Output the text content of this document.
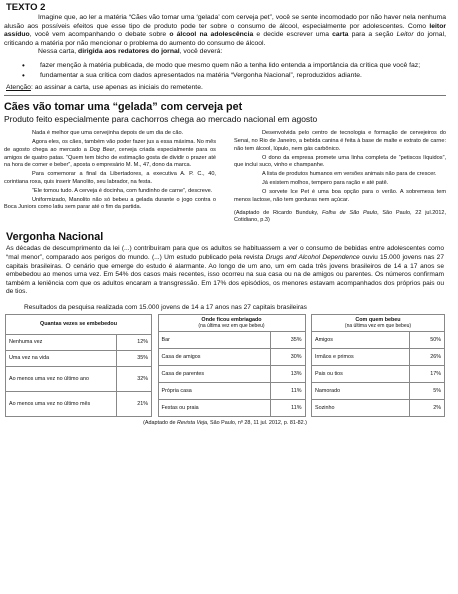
TEXTO 2

Imagine que, ao ler a matéria “Cães vão tomar uma ‘gelada’ com cerveja pet”, você se sente incomodado por não haver nela nenhuma alusão aos possíveis efeitos que esse tipo de produto pode ter sobre o consumo de álcool, especialmente por adolescentes. Como leitor assíduo, você vem acompanhando o debate sobre o álcool na adolescência e decide escrever uma carta para a seção Leitor do jornal, criticando a matéria por não mencionar o problema do aumento do consumo de álcool.

Nessa carta, dirigida aos redatores do jornal, você deverá:

• fazer menção à matéria publicada, de modo que mesmo quem não a tenha lido entenda a importância da crítica que você faz;
• fundamentar a sua crítica com dados apresentados na matéria “Vergonha Nacional”, reproduzidos adiante.

Atenção: ao assinar a carta, use apenas as iniciais do remetente.

Cães vão tomar uma “gelada” com cerveja pet
Produto feito especialmente para cachorros chega ao mercado nacional em agosto

Nada é melhor que uma cervejinha depois de um dia de cão.

Agora eles, os cães, também vão poder fazer jus a essa máxima. No mês de agosto chega ao mercado a Dog Beer, cerveja criada especialmente para os amigos de quatro patas. “Quem tem bicho de estimação gosta de dividir o prazer até na hora de comer e beber”, aposta o empresário M. M., 47, dono da marca.

Para comemorar a final da Libertadores, a executiva A. P. C., 40, corintiana roxa, quis inserir Manolito, seu labrador, na festa.

“Ele tomou tudo. A cerveja é docinha, com fundinho de carne”, descreve.

Uniformizado, Manolito não só bebeu a gelada durante o jogo contra o Boca Juniors como latiu sem parar até o fim da partida.

Desenvolvida pelo centro de tecnologia e formação de cervejeiros do Senai, no Rio de Janeiro, a bebida canina é feita à base de malte e extrato de carne: não tem álcool, lúpulo, nem gás carbônico.

O dono da empresa promete uma linha completa de “petiscos líquidos”, que inclui suco, vinho e champanhe.

A lista de produtos humanos em versões animais não para de crescer.

Já existem molhos, tempero para ração e até patê.

O sorvete Ice Pet é uma boa opção para o verão. A sobremesa tem menos lactose, não tem gorduras nem açúcar.

(Adaptado de Ricardo Bunduky, Folha de São Paulo, São Paulo, 22 jul.2012, Cotidiano, p.3)

Vergonha Nacional

As décadas de descumprimento da lei (...) contribuíram para que os adultos se habituassem a ver o consumo de bebidas entre adolescentes como “mal menor”, comparado aos perigos do mundo. (...) Um estudo publicado pela revista Drugs and Alcohol Dependence ouviu 15.000 jovens nas 27 capitais brasileiras. O cenário que emerge do estudo é alarmante. Ao longo de um ano, um em cada três jovens brasileiros de 14 a 17 anos se embebedou ao menos uma vez. Em 54% dos casos mais recentes, isso ocorreu na sua casa ou na de amigos ou parentes. Os números confirmam também a leniência com que os adultos encaram a transgressão. Em 17% dos episódios, os menores estavam acompanhados dos próprios pais ou de tios.

Resultados da pesquisa realizada com 15.000 jovens de 14 a 17 anos nas 27 capitais brasileiras
Quantas vezes se embebedou	
Nenhuma vez	12%
Uma vez na vida	35%
Ao menos uma vez no último ano	32%
Ao menos uma vez no último mês	21%
Onde ficou embriagado
(na última vez em que bebeu)	

Bar	35%
Casa de amigos	30%
Casa de parentes	13%
Própria casa	11%
Festas ou praia	11%
Com quem bebeu
(na última vez em que bebeu)	

Amigos	50%
Irmãos e primos	26%
Pais ou tios	17%
Namorado	5%
Sozinho	2%
(Adaptado de Revista Veja, São Paulo, nº 28, 11 jul. 2012, p. 81-82.)
